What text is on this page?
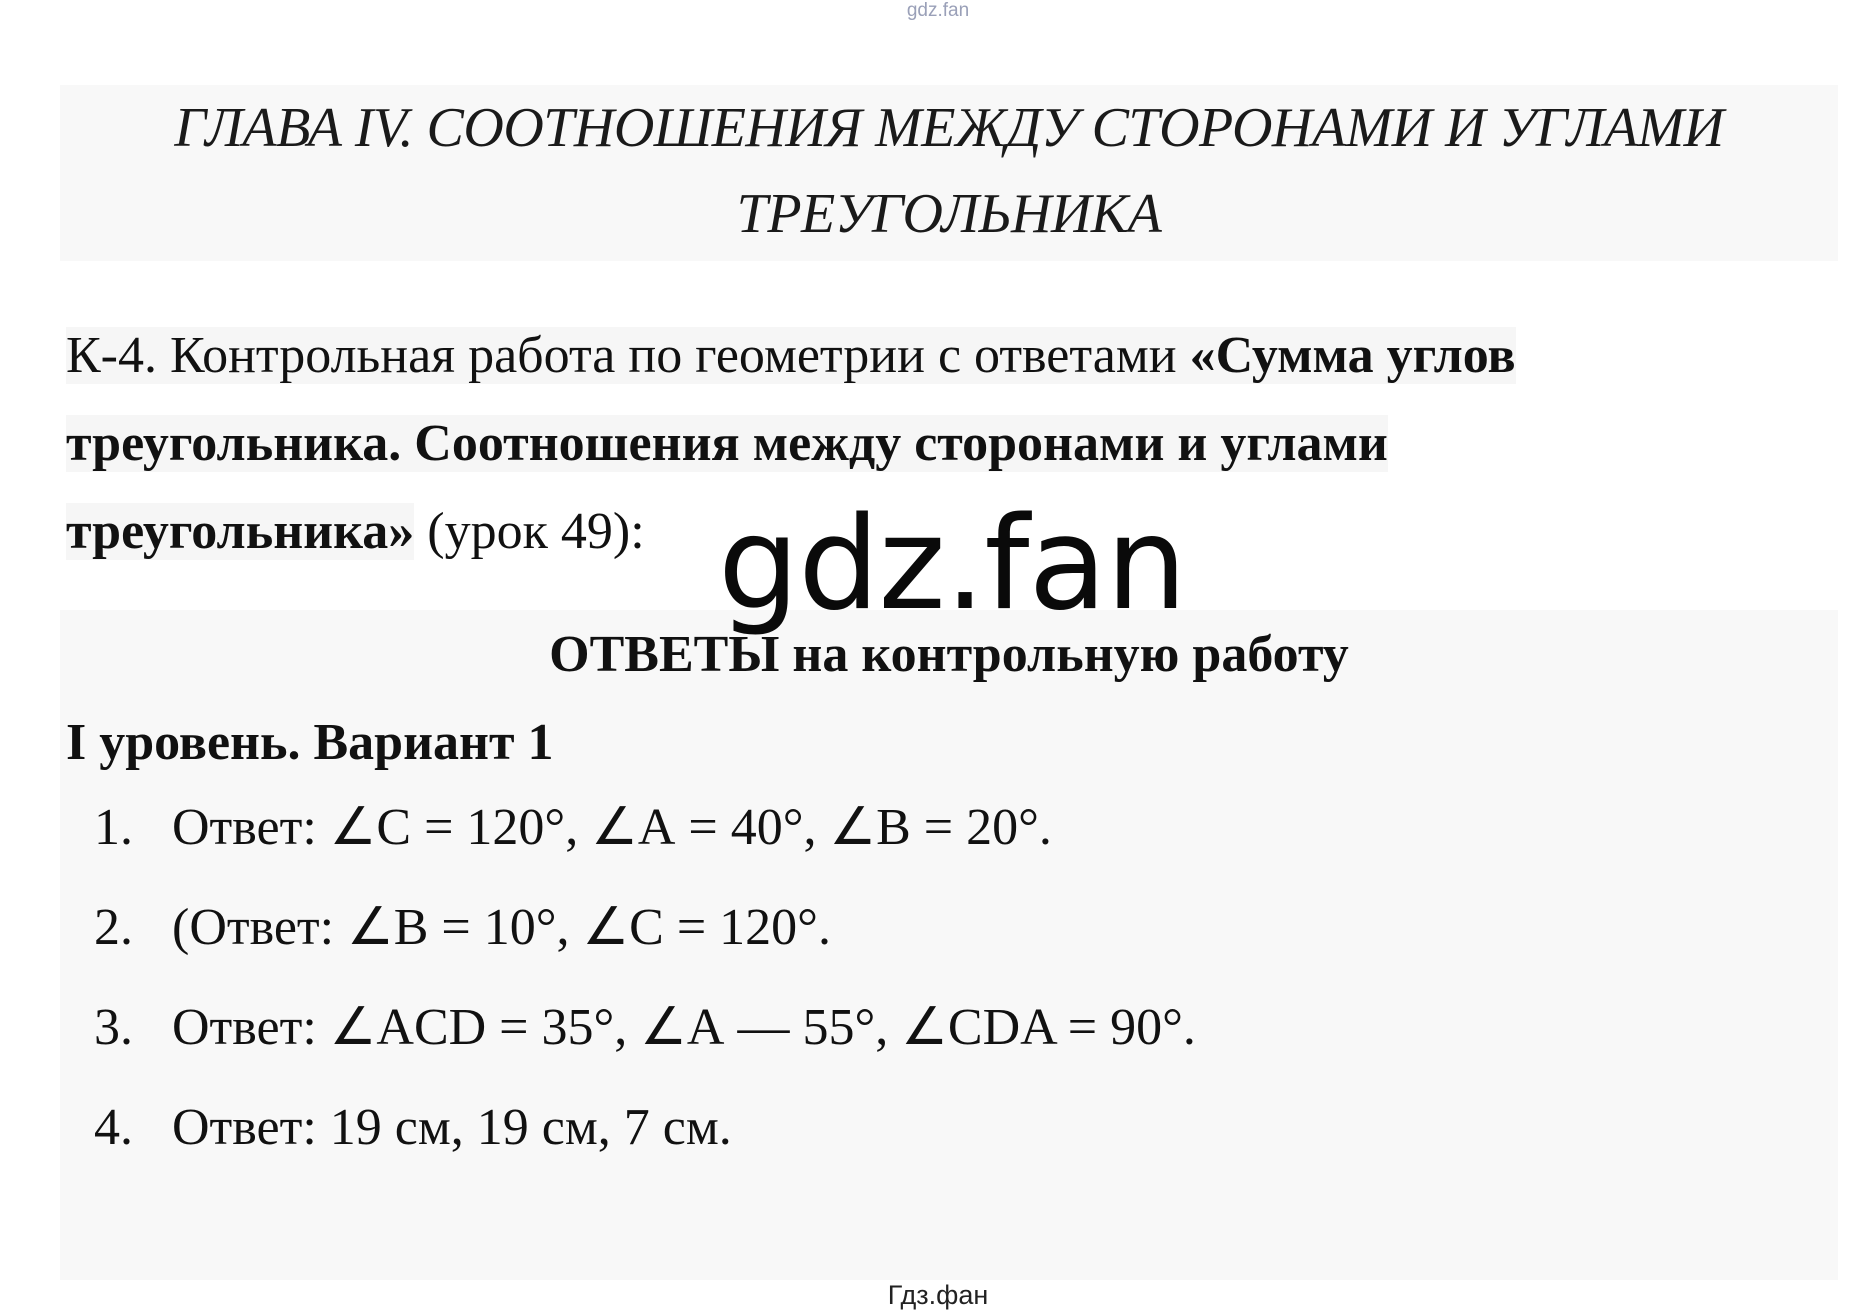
gdz.fan
ГЛАВА IV. СООТНОШЕНИЯ МЕЖДУ СТОРОНАМИ И УГЛАМИ
ТРЕУГОЛЬНИКА

К-4. Контрольная работа по геометрии с ответами «Сумма углов треугольника. Соотношения между сторонами и углами треугольника» (урок 49): gdz.fan
ОТВЕТЫ на контрольную работу
I уровень. Вариант 1
1. Ответ: ∠С = 120°, ∠А = 40°, ∠В = 20°.
2. (Ответ: ∠В = 10°, ∠С = 120°.
3. Ответ: ∠ACD = 35°, ∠А — 55°, ∠CDA = 90°.
4. Ответ: 19 см, 19 см, 7 см.
Гдз.фан
